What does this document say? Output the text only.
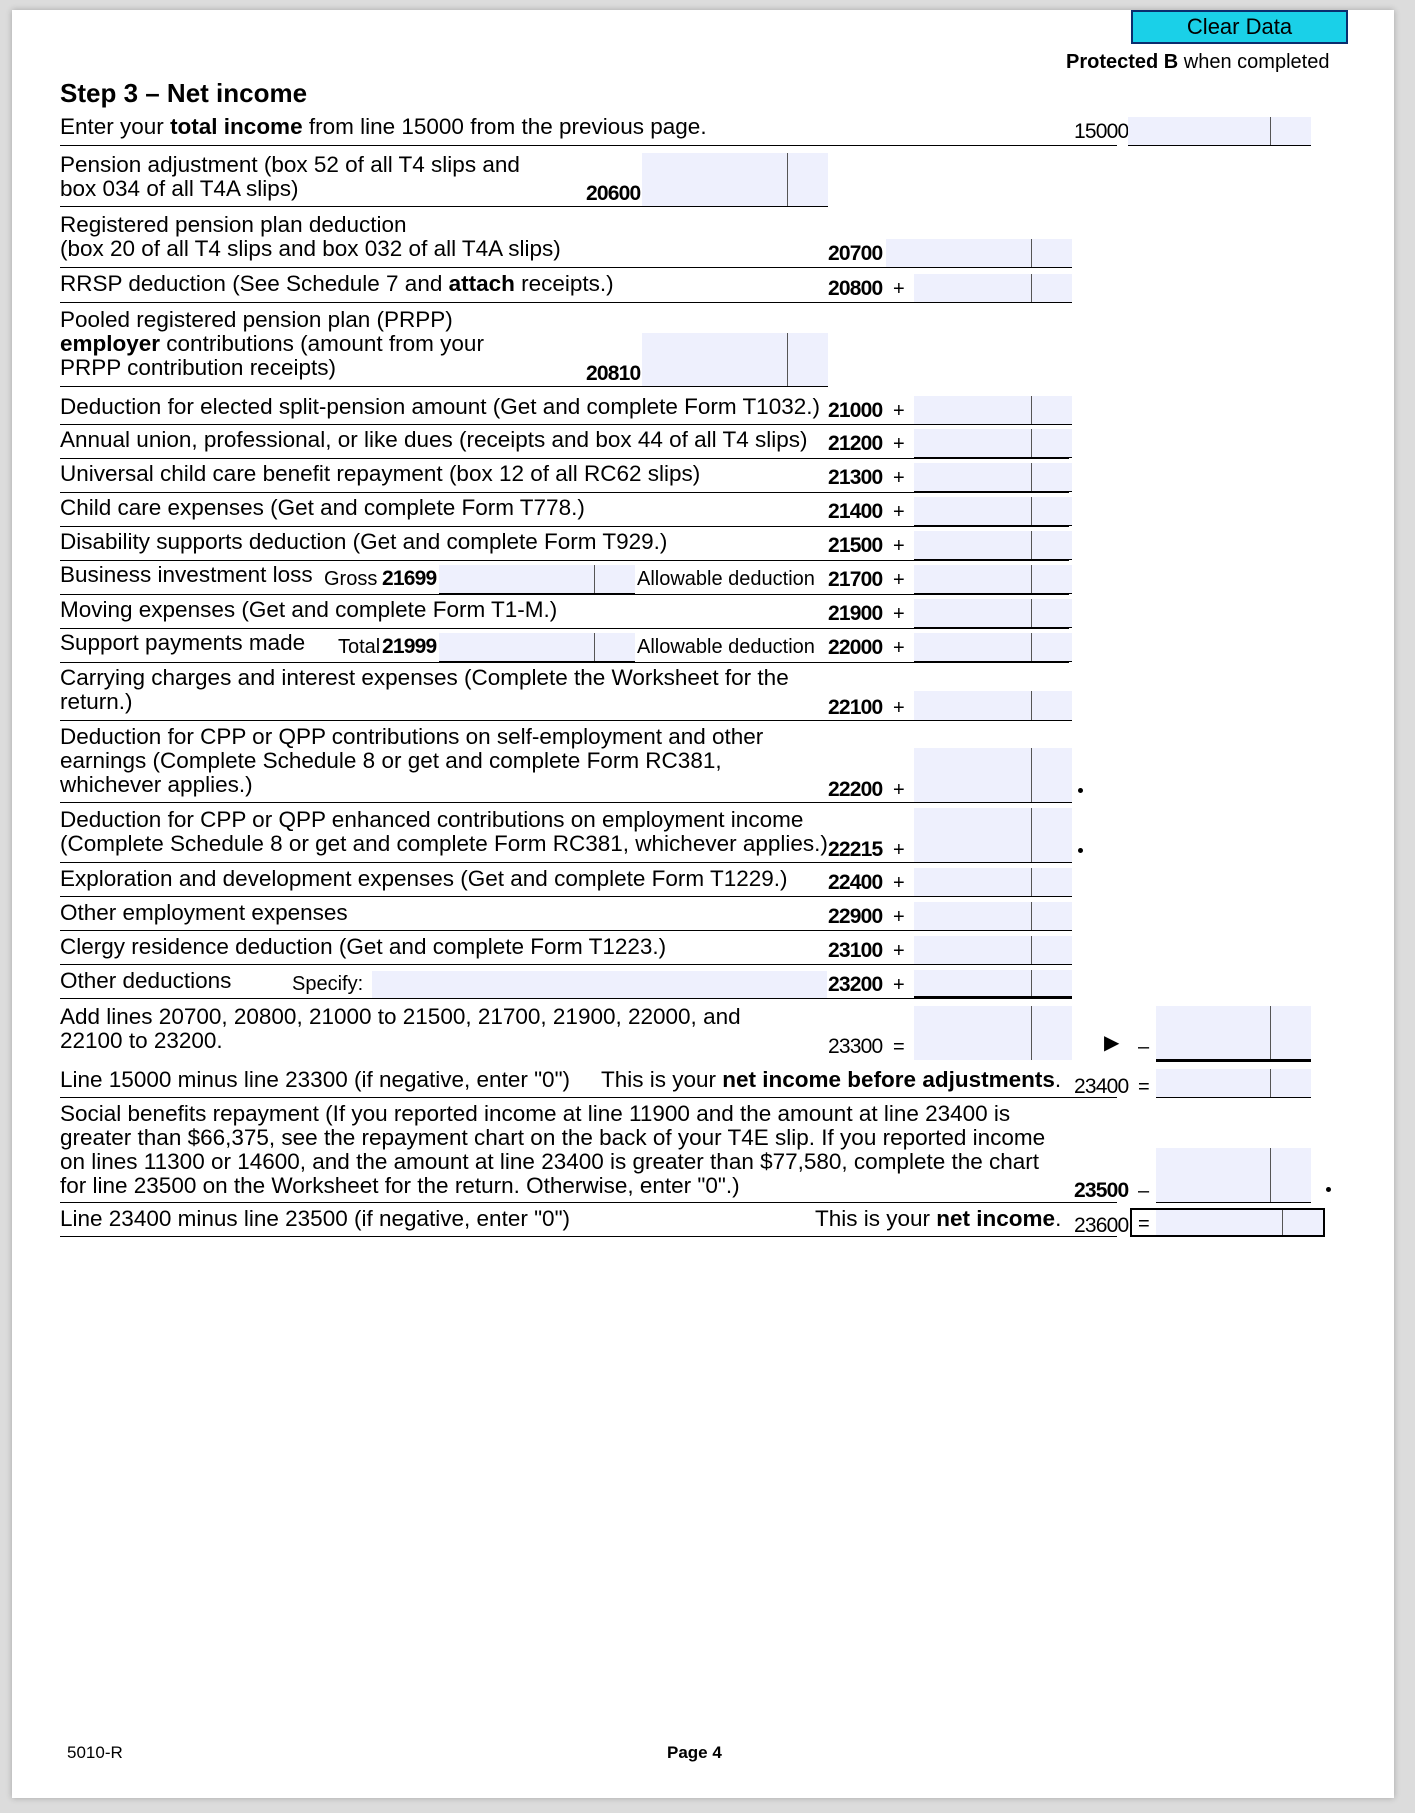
Clear Data
Protected B when completed
Step 3 – Net income
Enter your total income from line 15000 from the previous page.	15000
Pension adjustment (box 52 of all T4 slips and
box 034 of all T4A slips)	20600
Registered pension plan deduction
(box 20 of all T4 slips and box 032 of all T4A slips)	20700
RRSP deduction (See Schedule 7 and attach receipts.)	20800 +
Pooled registered pension plan (PRPP)
employer contributions (amount from your
PRPP contribution receipts)	20810
Deduction for elected split-pension amount (Get and complete Form T1032.) 21000 +
Annual union, professional, or like dues (receipts and box 44 of all T4 slips) 21200 +
Universal child care benefit repayment (box 12 of all RC62 slips)	21300 +
Child care expenses (Get and complete Form T778.)	21400 +
Disability supports deduction (Get and complete Form T929.)	21500 +
Business investment loss Gross 21699	Allowable deduction 21700 +
Moving expenses (Get and complete Form T1-M.)	21900 +
Support payments made Total 21999	Allowable deduction 22000 +
Carrying charges and interest expenses (Complete the Worksheet for the
return.)	22100 +
Deduction for CPP or QPP contributions on self-employment and other
earnings (Complete Schedule 8 or get and complete Form RC381,
whichever applies.)	22200 +
Deduction for CPP or QPP enhanced contributions on employment income
(Complete Schedule 8 or get and complete Form RC381, whichever applies.) 22215 +
Exploration and development expenses (Get and complete Form T1229.) 22400 +
Other employment expenses	22900 +
Clergy residence deduction (Get and complete Form T1223.)	23100 +
Other deductions	Specify:	23200 +
Add lines 20700, 20800, 21000 to 21500, 21700, 21900, 22000, and
22100 to 23200.	23300 =	▶ –
Line 15000 minus line 23300 (if negative, enter "0") This is your net income before adjustments. 23400 =
Social benefits repayment (If you reported income at line 11900 and the amount at line 23400 is
greater than $66,375, see the repayment chart on the back of your T4E slip. If you reported income
on lines 11300 or 14600, and the amount at line 23400 is greater than $77,580, complete the chart
for line 23500 on the Worksheet for the return. Otherwise, enter "0".)	23500 –
Line 23400 minus line 23500 (if negative, enter "0")	This is your net income. 23600 =
5010-R	Page 4
